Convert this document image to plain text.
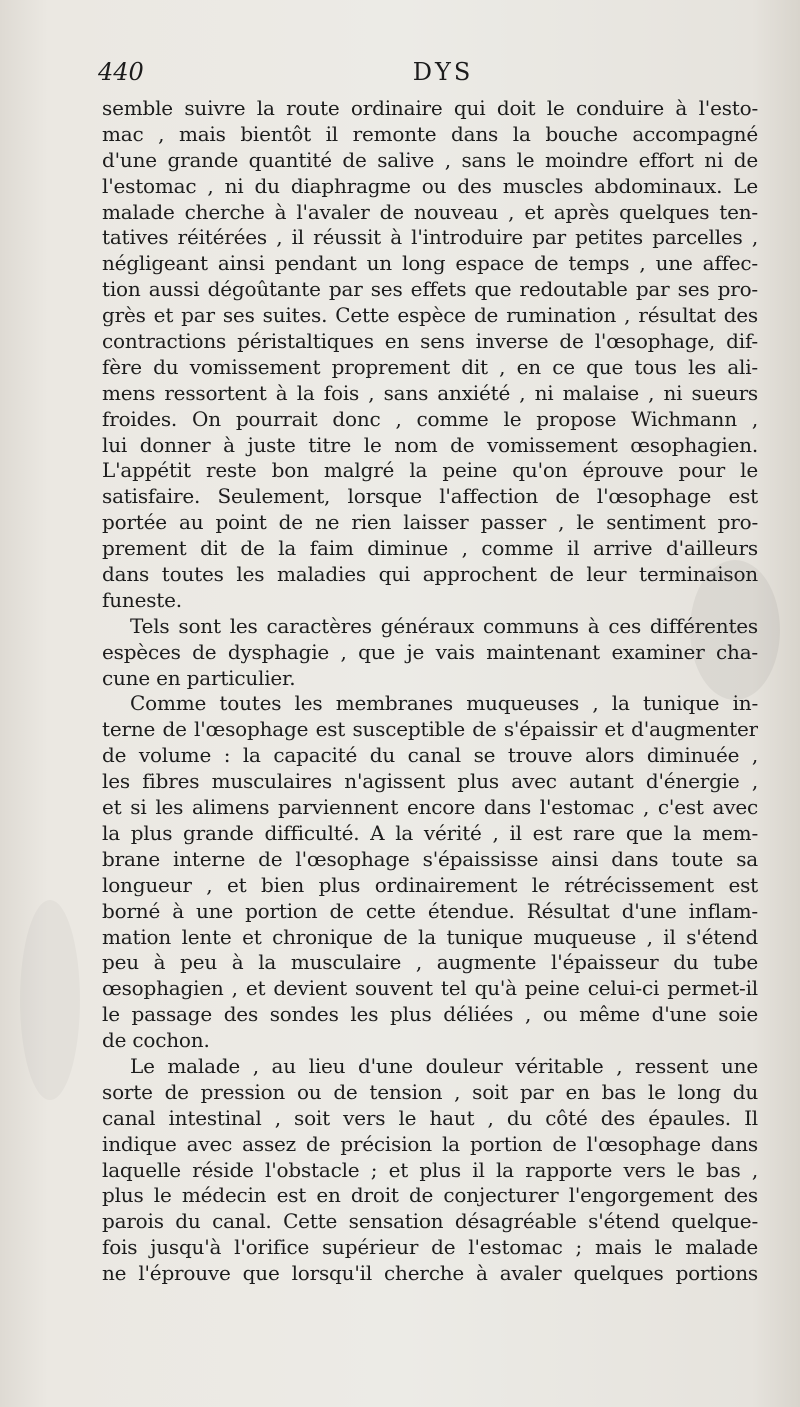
440	DYS
semble suivre la route ordinaire qui doit le conduire à l'esto-
mac , mais bientôt il remonte dans la bouche accompagné
d'une grande quantité de salive , sans le moindre effort ni de
l'estomac , ni du diaphragme ou des muscles abdominaux. Le
malade cherche à l'avaler de nouveau , et après quelques ten-
tatives réitérées , il réussit à l'introduire par petites parcelles ,
négligeant ainsi pendant un long espace de temps , une affec-
tion aussi dégoûtante par ses effets que redoutable par ses pro-
grès et par ses suites. Cette espèce de rumination , résultat des
contractions péristaltiques en sens inverse de l'œsophage, dif-
fère du vomissement proprement dit , en ce que tous les ali-
mens ressortent à la fois , sans anxiété , ni malaise , ni sueurs
froides. On pourrait donc , comme le propose Wichmann ,
lui donner à juste titre le nom de vomissement œsophagien.
L'appétit reste bon malgré la peine qu'on éprouve pour le
satisfaire. Seulement, lorsque l'affection de l'œsophage est
portée au point de ne rien laisser passer , le sentiment pro-
prement dit de la faim diminue , comme il arrive d'ailleurs
dans toutes les maladies qui approchent de leur terminaison
funeste.
Tels sont les caractères généraux communs à ces différentes
espèces de dysphagie , que je vais maintenant examiner cha-
cune en particulier.
Comme toutes les membranes muqueuses , la tunique in-
terne de l'œsophage est susceptible de s'épaissir et d'augmenter
de volume : la capacité du canal se trouve alors diminuée ,
les fibres musculaires n'agissent plus avec autant d'énergie ,
et si les alimens parviennent encore dans l'estomac , c'est avec
la plus grande difficulté. A la vérité , il est rare que la mem-
brane interne de l'œsophage s'épaississe ainsi dans toute sa
longueur , et bien plus ordinairement le rétrécissement est
borné à une portion de cette étendue. Résultat d'une inflam-
mation lente et chronique de la tunique muqueuse , il s'étend
peu à peu à la musculaire , augmente l'épaisseur du tube
œsophagien , et devient souvent tel qu'à peine celui-ci permet-il
le passage des sondes les plus déliées , ou même d'une soie
de cochon.
Le malade , au lieu d'une douleur véritable , ressent une
sorte de pression ou de tension , soit par en bas le long du
canal intestinal , soit vers le haut , du côté des épaules. Il
indique avec assez de précision la portion de l'œsophage dans
laquelle réside l'obstacle ; et plus il la rapporte vers le bas ,
plus le médecin est en droit de conjecturer l'engorgement des
parois du canal. Cette sensation désagréable s'étend quelque-
fois jusqu'à l'orifice supérieur de l'estomac ; mais le malade
ne l'éprouve que lorsqu'il cherche à avaler quelques portions
